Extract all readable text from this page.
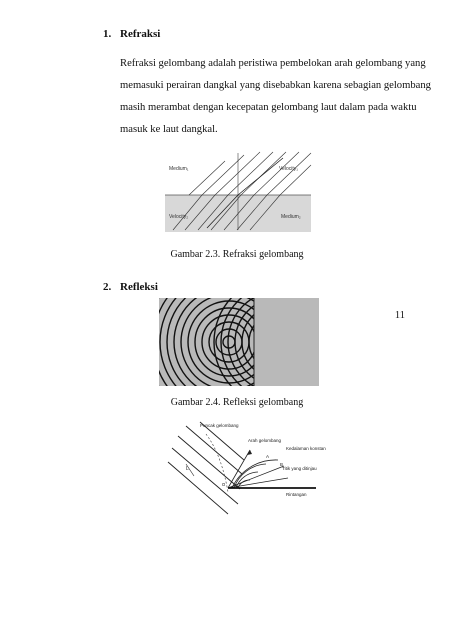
1. Refraksi
Refraksi gelombang adalah peristiwa pembelokan arah gelombang yang
memasuki perairan dangkal yang disebabkan karena sebagian gelombang
masih merambat dengan kecepatan gelombang laut dalam pada waktu
masuk ke laut dangkal.
Medium₁	Velocity₁
Velocity₂	Medium₂
Gambar 2.3. Refraksi gelombang
2. Refleksi
11
Gambar 2.4. Refleksi gelombang
L
α
A
B
Puncak gelombang
Arah gelombang
Kedalaman konstan
Titik yang ditinjau
Rintangan
